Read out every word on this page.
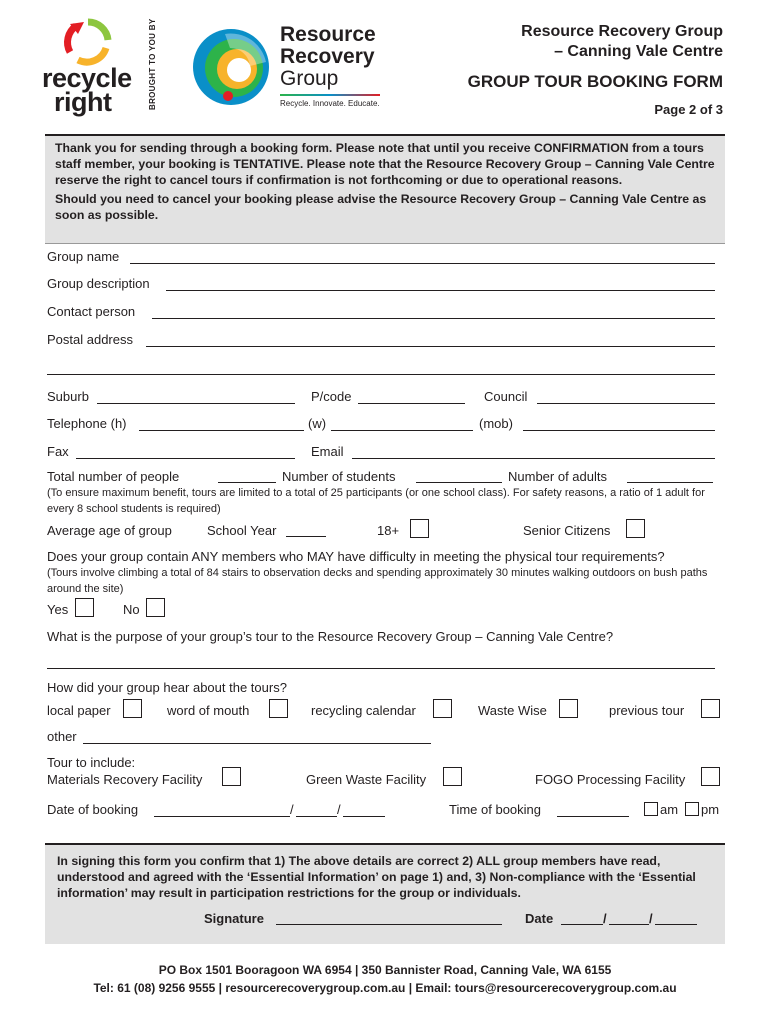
recycle
right	BROUGHT TO YOU BY	Resource
Recovery
Group
Recycle. Innovate. Educate.
Resource Recovery Group
– Canning Vale Centre
GROUP TOUR BOOKING FORM
Page 2 of 3

Thank you for sending through a booking form. Please note that until you receive CONFIRMATION from a tours staff member, your booking is TENTATIVE. Please note that the Resource Recovery Group – Canning Vale Centre reserve the right to cancel tours if confirmation is not forthcoming or due to operational reasons.

Should you need to cancel your booking please advise the Resource Recovery Group – Canning Vale Centre as soon as possible.

Group name
Group description
Contact person
Postal address
Suburb	P/code	Council
Telephone (h)	(w)	(mob)
Fax	Email
Total number of people	Number of students	Number of adults
(To ensure maximum benefit, tours are limited to a total of 25 participants (or one school class). For safety reasons, a ratio of 1 adult for every 8 school students is required)
Average age of group	School Year	18+	Senior Citizens
Does your group contain ANY members who MAY have difficulty in meeting the physical tour requirements?
(Tours involve climbing a total of 84 stairs to observation decks and spending approximately 30 minutes walking outdoors on bush paths around the site)
Yes	No
What is the purpose of your group’s tour to the Resource Recovery Group – Canning Vale Centre?
How did your group hear about the tours?
local paper	word of mouth	recycling calendar	Waste Wise	previous tour
other
Tour to include:
Materials Recovery Facility	Green Waste Facility	FOGO Processing Facility
Date of booking	/	/	Time of booking	am pm

In signing this form you confirm that 1) The above details are correct 2) ALL group members have read, understood and agreed with the ‘Essential Information’ on page 1) and, 3) Non-compliance with the ‘Essential information’ may result in participation restrictions for the group or individuals.

Signature	Date	/	/
PO Box 1501 Booragoon WA 6954 | 350 Bannister Road, Canning Vale, WA 6155
Tel: 61 (08) 9256 9555 | resourcerecoverygroup.com.au | Email: tours@resourcerecoverygroup.com.au
